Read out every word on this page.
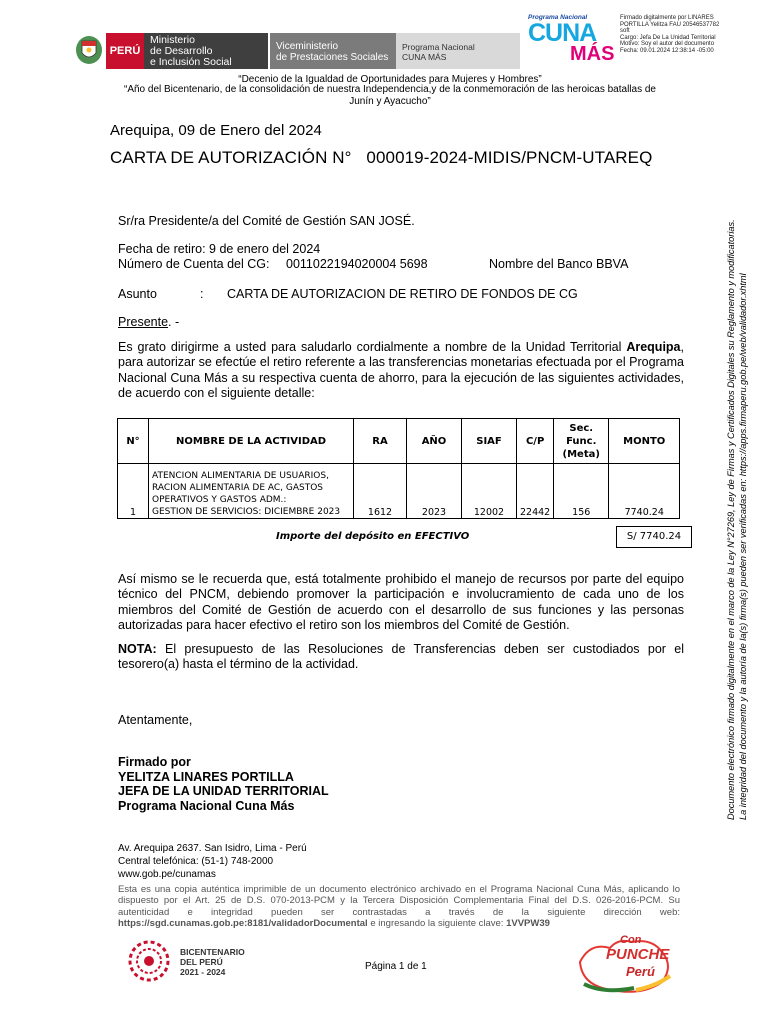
PERÚ
Ministerio
de Desarrollo
e Inclusión Social
Viceministerio
de Prestaciones Sociales
Programa Nacional
CUNA MÁS
Programa Nacional
CUNA
MÁS
Firmado digitalmente por LINARES
PORTILLA Yelitza FAU 20546537782
soft
Cargo: Jefa De La Unidad Territorial
Motivo: Soy el autor del documento
Fecha: 09.01.2024 12:38:14 -05:00
“Decenio de la Igualdad de Oportunidades para Mujeres y Hombres”
“Año del Bicentenario, de la consolidación de nuestra Independencia,y de la conmemoración de las heroicas batallas de
Junín y Ayacucho”
Arequipa, 09 de Enero del 2024
CARTA DE AUTORIZACIÓN N° 000019-2024-MIDIS/PNCM-UTAREQ
Sr/ra Presidente/a del Comité de Gestión SAN JOSÉ.
Fecha de retiro: 9 de enero del 2024
Número de Cuenta del CG: 0011022194020004 5698	Nombre del Banco BBVA
Asunto	: CARTA DE AUTORIZACION DE RETIRO DE FONDOS DE CG
Presente. -
Es grato dirigirme a usted para saludarlo cordialmente a nombre de la Unidad Territorial Arequipa, para autorizar se efectúe el retiro referente a las transferencias monetarias efectuada por el Programa Nacional Cuna Más a su respectiva cuenta de ahorro, para la ejecución de las siguientes actividades, de acuerdo con el siguiente detalle:
N°	NOMBRE DE LA ACTIVIDAD	RA	AÑO	SIAF	C/P	Sec.
Func.
(Meta)	MONTO
1	ATENCION ALIMENTARIA DE USUARIOS,
RACION ALIMENTARIA DE AC, GASTOS
OPERATIVOS Y GASTOS ADM.:
GESTION DE SERVICIOS: DICIEMBRE 2023	1612	2023	12002	22442	156	7740.24
Importe del depósito en EFECTIVO	S/ 7740.24
Así mismo se le recuerda que, está totalmente prohibido el manejo de recursos por parte del equipo técnico del PNCM, debiendo promover la participación e involucramiento de cada uno de los miembros del Comité de Gestión de acuerdo con el desarrollo de sus funciones y las personas autorizadas para hacer efectivo el retiro son los miembros del Comité de Gestión.
NOTA: El presupuesto de las Resoluciones de Transferencias deben ser custodiados por el tesorero(a) hasta el término de la actividad.
Atentamente,
Firmado por
YELITZA LINARES PORTILLA
JEFA DE LA UNIDAD TERRITORIAL
Programa Nacional Cuna Más
Av. Arequipa 2637. San Isidro, Lima - Perú
Central telefónica: (51-1) 748-2000
www.gob.pe/cunamas
Esta es una copia auténtica imprimible de un documento electrónico archivado en el Programa Nacional Cuna Más, aplicando lo dispuesto por el Art. 25 de D.S. 070-2013-PCM y la Tercera Disposición Complementaria Final del D.S. 026-2016-PCM. Su autenticidad e integridad pueden ser contrastadas a través de la siguiente dirección web: https://sgd.cunamas.gob.pe:8181/validadorDocumental e ingresando la siguiente clave: 1VVPW39
BICENTENARIO
DEL PERÚ
2021 - 2024	Página 1 de 1
Con
PUNCHE
Perú
Documento electrónico firmado digitalmente en el marco de la Ley N°27269, Ley de Firmas y Certificados Digitales su Reglamento y modificatorias. La integridad del documento y la autoría de la(s) firma(s) pueden ser verificadas en: https://apps.firmaperu.gob.pe/web/validador.xhtml
